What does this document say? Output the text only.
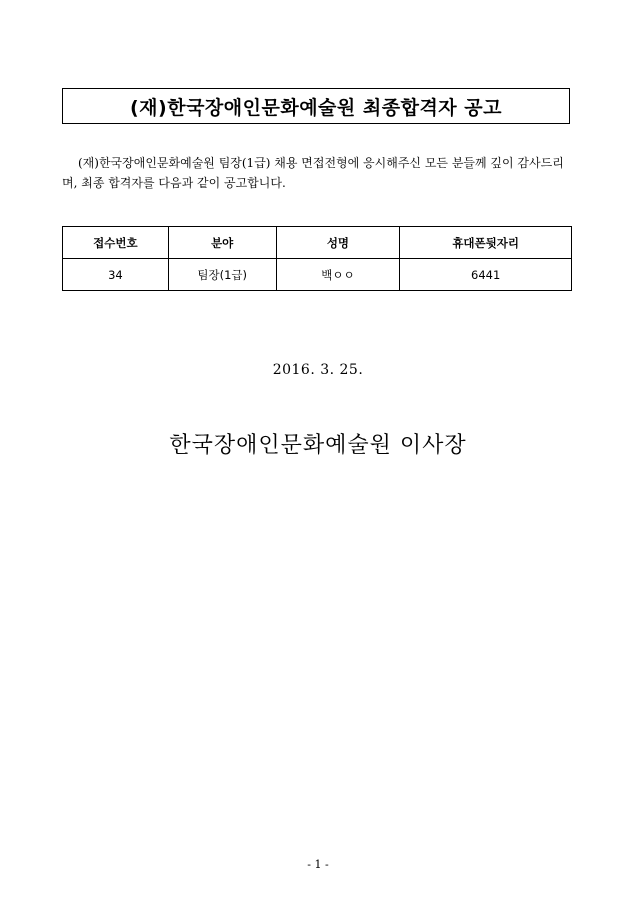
(재)한국장애인문화예술원 최종합격자 공고

(재)한국장애인문화예술원 팀장(1급) 채용 면접전형에 응시해주신 모든 분들께 깊이 감사드리며, 최종 합격자를 다음과 같이 공고합니다.

접수번호	분야	성명	휴대폰뒷자리
34	팀장(1급)	백ㅇㅇ	6441
2016. 3. 25.
한국장애인문화예술원 이사장
- 1 -
